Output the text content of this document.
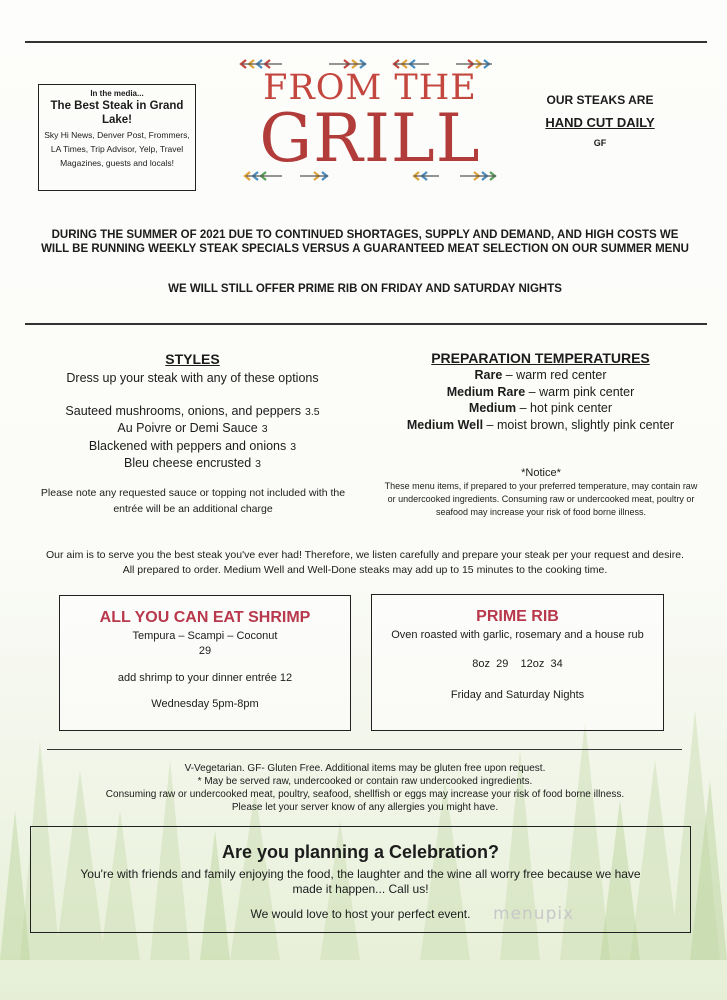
In the media...
The Best Steak in Grand Lake!
Sky Hi News, Denver Post, Frommers, LA Times, Trip Advisor, Yelp, Travel Magazines, guests and locals!
FROM THE
GRILL	OUR STEAKS ARE
HAND CUT DAILY
GF
DURING THE SUMMER OF 2021 DUE TO CONTINUED SHORTAGES, SUPPLY AND DEMAND, AND HIGH COSTS WE WILL BE RUNNING WEEKLY STEAK SPECIALS VERSUS A GUARANTEED MEAT SELECTION ON OUR SUMMER MENU
WE WILL STILL OFFER PRIME RIB ON FRIDAY AND SATURDAY NIGHTS
STYLES
Dress up your steak with any of these options
Sauteed mushrooms, onions, and peppers 3.5
Au Poivre or Demi Sauce 3
Blackened with peppers and onions 3
Bleu cheese encrusted 3
Please note any requested sauce or topping not included with the entrée will be an additional charge
PREPARATION TEMPERATURES
Rare – warm red center
Medium Rare – warm pink center
Medium – hot pink center
Medium Well – moist brown, slightly pink center
*Notice*
These menu items, if prepared to your preferred temperature, may contain raw or undercooked ingredients. Consuming raw or undercooked meat, poultry or seafood may increase your risk of food borne illness.
Our aim is to serve you the best steak you've ever had! Therefore, we listen carefully and prepare your steak per your request and desire.
All prepared to order. Medium Well and Well-Done steaks may add up to 15 minutes to the cooking time.
ALL YOU CAN EAT SHRIMP
Tempura – Scampi – Coconut
29
add shrimp to your dinner entrée 12
Wednesday 5pm-8pm
PRIME RIB
Oven roasted with garlic, rosemary and a house rub
8oz  29    12oz  34
Friday and Saturday Nights
V-Vegetarian. GF- Gluten Free. Additional items may be gluten free upon request.
* May be served raw, undercooked or contain raw undercooked ingredients.
Consuming raw or undercooked meat, poultry, seafood, shellfish or eggs may increase your risk of food borne illness.
Please let your server know of any allergies you might have.
Are you planning a Celebration?
You're with friends and family enjoying the food, the laughter and the wine all worry free because we have made it happen... Call us!
We would love to host your perfect event.	menupix
